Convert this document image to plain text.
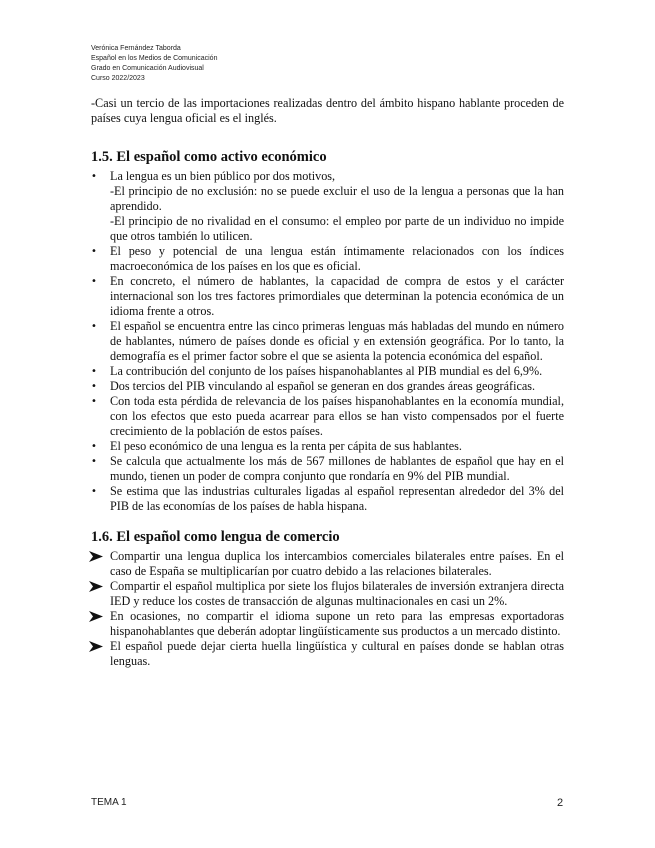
Verónica Fernández Taborda
Español en los Medios de Comunicación
Grado en Comunicación Audiovisual
Curso 2022/2023

-Casi un tercio de las importaciones realizadas dentro del ámbito hispano hablante proceden de países cuya lengua oficial es el inglés.

1.5. El español como activo económico
•	La lengua es un bien público por dos motivos,
-El principio de no exclusión: no se puede excluir el uso de la lengua a personas que la han aprendido.
-El principio de no rivalidad en el consumo: el empleo por parte de un individuo no impide que otros también lo utilicen.
•	El peso y potencial de una lengua están íntimamente relacionados con los índices macroeconómica de los países en los que es oficial.
•	En concreto, el número de hablantes, la capacidad de compra de estos y el carácter internacional son los tres factores primordiales que determinan la potencia económica de un idioma frente a otros.
•	El español se encuentra entre las cinco primeras lenguas más habladas del mundo en número de hablantes, número de países donde es oficial y en extensión geográfica. Por lo tanto, la demografía es el primer factor sobre el que se asienta la potencia económica del español.
•	La contribución del conjunto de los países hispanohablantes al PIB mundial es del 6,9%.
•	Dos tercios del PIB vinculando al español se generan en dos grandes áreas geográficas.
•	Con toda esta pérdida de relevancia de los países hispanohablantes en la economía mundial, con los efectos que esto pueda acarrear para ellos se han visto compensados por el fuerte crecimiento de la población de estos países.
•	El peso económico de una lengua es la renta per cápita de sus hablantes.
•	Se calcula que actualmente los más de 567 millones de hablantes de español que hay en el mundo, tienen un poder de compra conjunto que rondaría en 9% del PIB mundial.
•	Se estima que las industrias culturales ligadas al español representan alrededor del 3% del PIB de las economías de los países de habla hispana.
1.6. El español como lengua de comercio
Compartir una lengua duplica los intercambios comerciales bilaterales entre países. En el caso de España se multiplicarían por cuatro debido a las relaciones bilaterales.
Compartir el español multiplica por siete los flujos bilaterales de inversión extranjera directa IED y reduce los costes de transacción de algunas multinacionales en casi un 2%.
En ocasiones, no compartir el idioma supone un reto para las empresas exportadoras hispanohablantes que deberán adoptar lingüísticamente sus productos a un mercado distinto.
El español puede dejar cierta huella lingüística y cultural en países donde se hablan otras lenguas.
TEMA 1	2
